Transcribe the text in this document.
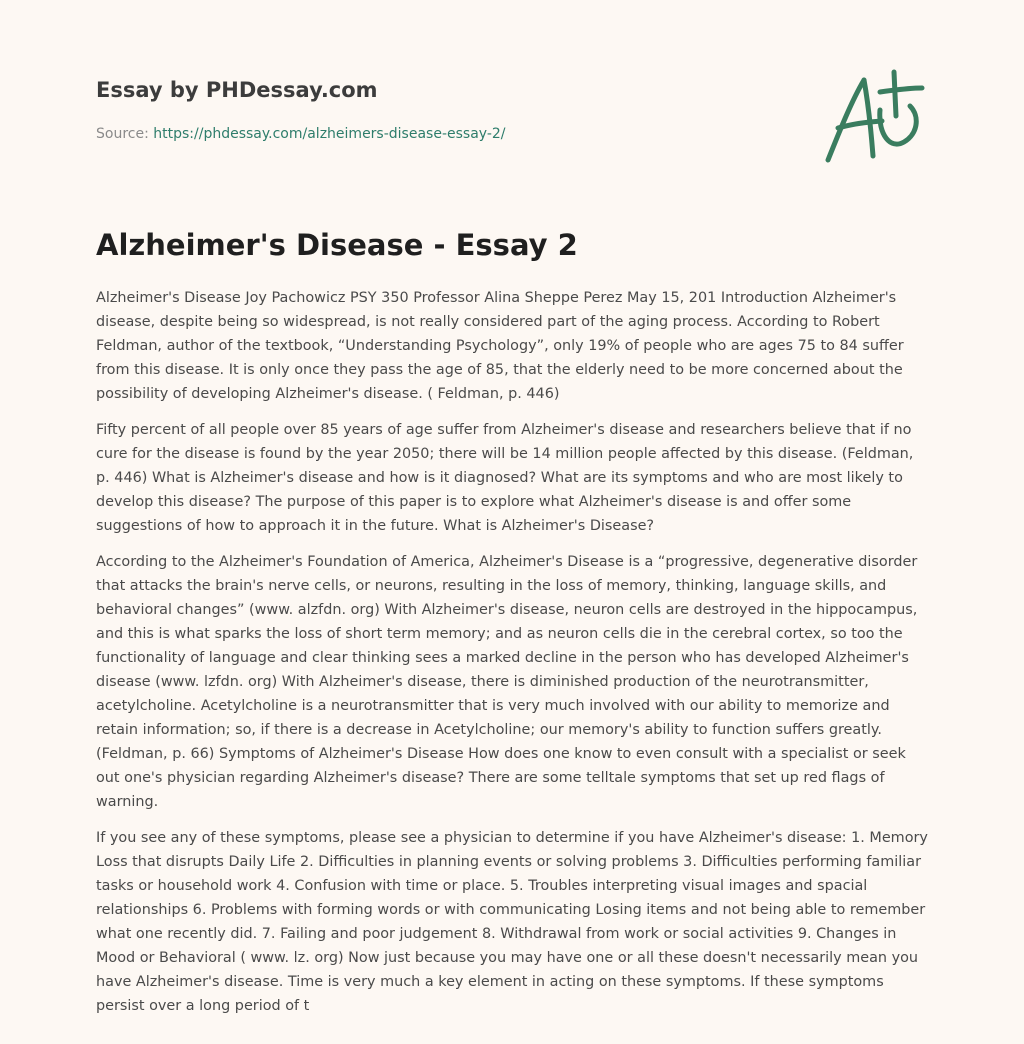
Essay by PHDessay.com
Source: https://phdessay.com/alzheimers-disease-essay-2/
Alzheimer's Disease - Essay 2

Alzheimer's Disease Joy Pachowicz PSY 350 Professor Alina Sheppe Perez May 15, 201 Introduction Alzheimer's disease, despite being so widespread, is not really considered part of the aging process. According to Robert Feldman, author of the textbook, “Understanding Psychology”, only 19% of people who are ages 75 to 84 suffer from this disease. It is only once they pass the age of 85, that the elderly need to be more concerned about the possibility of developing Alzheimer's disease. ( Feldman, p. 446)

Fifty percent of all people over 85 years of age suffer from Alzheimer's disease and researchers believe that if no cure for the disease is found by the year 2050; there will be 14 million people affected by this disease. (Feldman, p. 446) What is Alzheimer's disease and how is it diagnosed? What are its symptoms and who are most likely to develop this disease? The purpose of this paper is to explore what Alzheimer's disease is and offer some suggestions of how to approach it in the future. What is Alzheimer's Disease?

According to the Alzheimer's Foundation of America, Alzheimer's Disease is a “progressive, degenerative disorder that attacks the brain's nerve cells, or neurons, resulting in the loss of memory, thinking, language skills, and behavioral changes” (www. alzfdn. org) With Alzheimer's disease, neuron cells are destroyed in the hippocampus, and this is what sparks the loss of short term memory; and as neuron cells die in the cerebral cortex, so too the functionality of language and clear thinking sees a marked decline in the person who has developed Alzheimer's disease (www. lzfdn. org) With Alzheimer's disease, there is diminished production of the neurotransmitter, acetylcholine. Acetylcholine is a neurotransmitter that is very much involved with our ability to memorize and retain information; so, if there is a decrease in Acetylcholine; our memory's ability to function suffers greatly. (Feldman, p. 66) Symptoms of Alzheimer's Disease How does one know to even consult with a specialist or seek out one's physician regarding Alzheimer's disease? There are some telltale symptoms that set up red flags of warning.

If you see any of these symptoms, please see a physician to determine if you have Alzheimer's disease: 1. Memory Loss that disrupts Daily Life 2. Difficulties in planning events or solving problems 3. Difficulties performing familiar tasks or household work 4. Confusion with time or place. 5. Troubles interpreting visual images and spacial relationships 6. Problems with forming words or with communicating Losing items and not being able to remember what one recently did. 7. Failing and poor judgement 8. Withdrawal from work or social activities 9. Changes in Mood or Behavioral ( www. lz. org) Now just because you may have one or all these doesn't necessarily mean you have Alzheimer's disease. Time is very much a key element in acting on these symptoms. If these symptoms persist over a long period of t
